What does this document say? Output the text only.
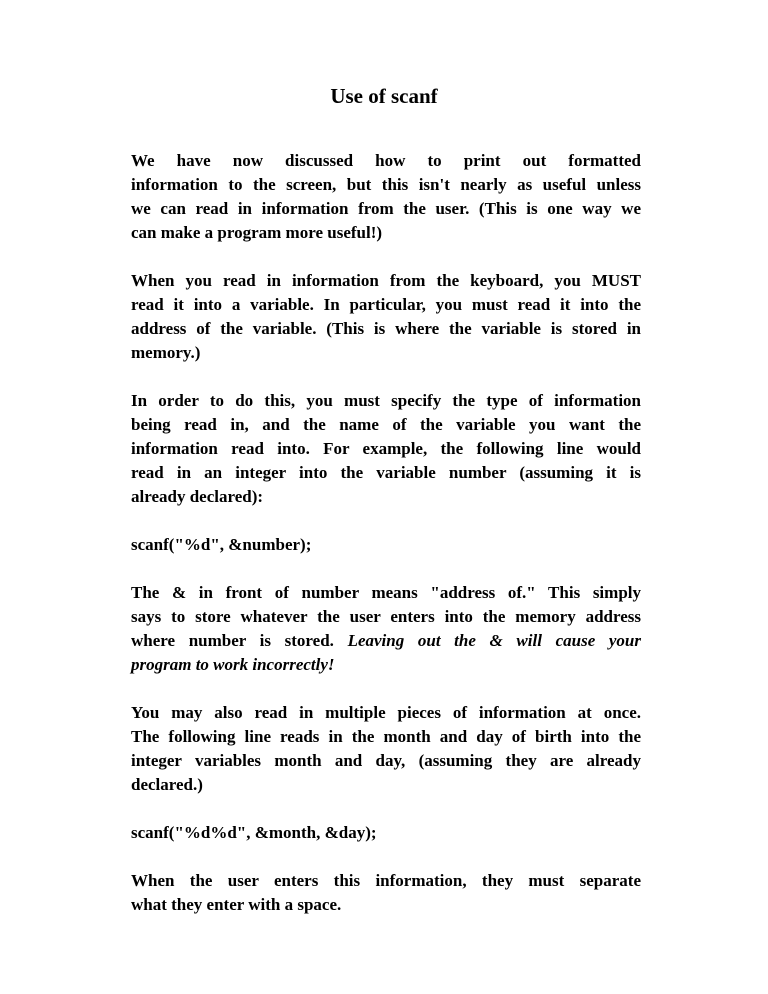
Use of scanf
We have now discussed how to print out formatted
information to the screen, but this isn't nearly as useful unless
we can read in information from the user. (This is one way we
can make a program more useful!)
When you read in information from the keyboard, you MUST
read it into a variable. In particular, you must read it into the
address of the variable. (This is where the variable is stored in
memory.)
In order to do this, you must specify the type of information
being read in, and the name of the variable you want the
information read into. For example, the following line would
read in an integer into the variable number (assuming it is
already declared):
scanf("%d", &number);
The & in front of number means "address of." This simply
says to store whatever the user enters into the memory address
where number is stored. Leaving out the & will cause your
program to work incorrectly!
You may also read in multiple pieces of information at once.
The following line reads in the month and day of birth into the
integer variables month and day, (assuming they are already
declared.)
scanf("%d%d", &month, &day);
When the user enters this information, they must separate
what they enter with a space.
